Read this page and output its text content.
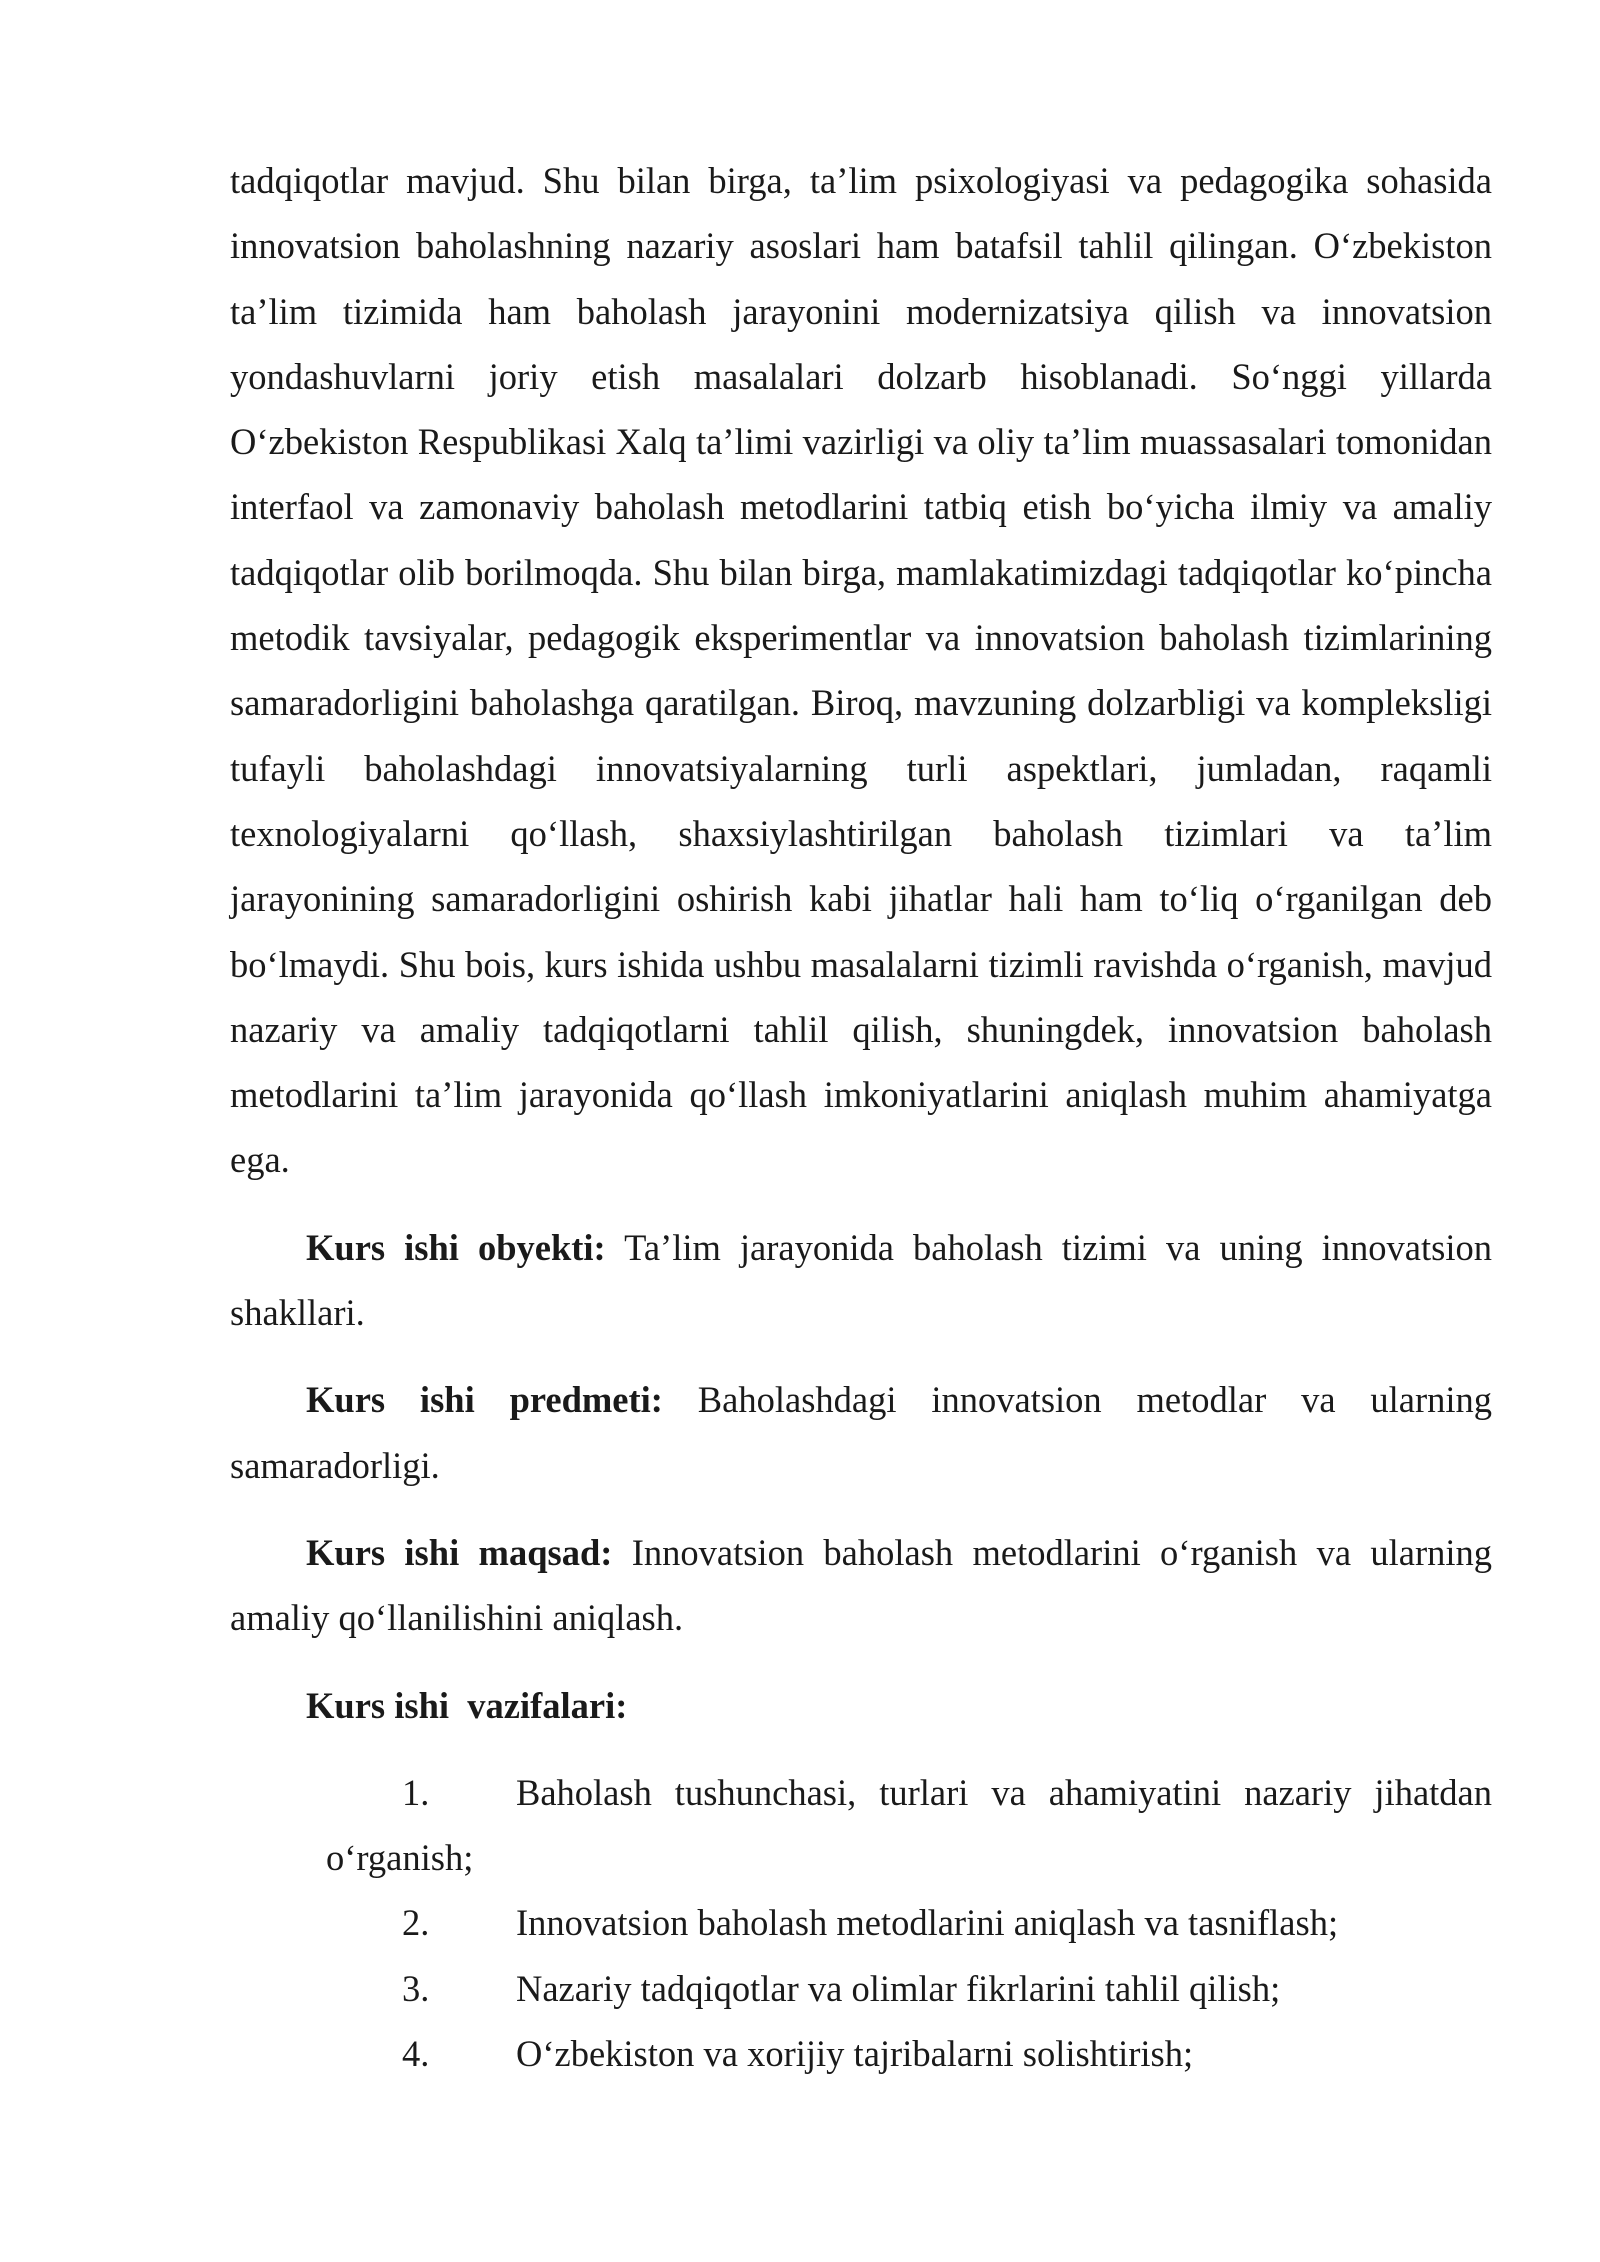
tadqiqotlar mavjud. Shu bilan birga, ta’lim psixologiyasi va pedagogika sohasida innovatsion baholashning nazariy asoslari ham batafsil tahlil qilingan. O‘zbekiston ta’lim tizimida ham baholash jarayonini modernizatsiya qilish va innovatsion yondashuvlarni joriy etish masalalari dolzarb hisoblanadi. So‘nggi yillarda O‘zbekiston Respublikasi Xalq ta’limi vazirligi va oliy ta’lim muassasalari tomonidan interfaol va zamonaviy baholash metodlarini tatbiq etish bo‘yicha ilmiy va amaliy tadqiqotlar olib borilmoqda. Shu bilan birga, mamlakatimizdagi tadqiqotlar ko‘pincha metodik tavsiyalar, pedagogik eksperimentlar va innovatsion baholash tizimlarining samaradorligini baholashga qaratilgan. Biroq, mavzuning dolzarbligi va kompleksligi tufayli baholashdagi innovatsiyalarning turli aspektlari, jumladan, raqamli texnologiyalarni qo‘llash, shaxsiylashtirilgan baholash tizimlari va ta’lim jarayonining samaradorligini oshirish kabi jihatlar hali ham to‘liq o‘rganilgan deb bo‘lmaydi. Shu bois, kurs ishida ushbu masalalarni tizimli ravishda o‘rganish, mavjud nazariy va amaliy tadqiqotlarni tahlil qilish, shuningdek, innovatsion baholash metodlarini ta’lim jarayonida qo‘llash imkoniyatlarini aniqlash muhim ahamiyatga ega.

Kurs ishi obyekti: Ta’lim jarayonida baholash tizimi va uning innovatsion shakllari.

Kurs ishi predmeti: Baholashdagi innovatsion metodlar va ularning samaradorligi.

Kurs ishi maqsad: Innovatsion baholash metodlarini o‘rganish va ularning amaliy qo‘llanilishini aniqlash.

Kurs ishi  vazifalari:

1. Baholash tushunchasi, turlari va ahamiyatini nazariy jihatdan
o‘rganish;
2. Innovatsion baholash metodlarini aniqlash va tasniflash;
3. Nazariy tadqiqotlar va olimlar fikrlarini tahlil qilish;
4. O‘zbekiston va xorijiy tajribalarni solishtirish;
